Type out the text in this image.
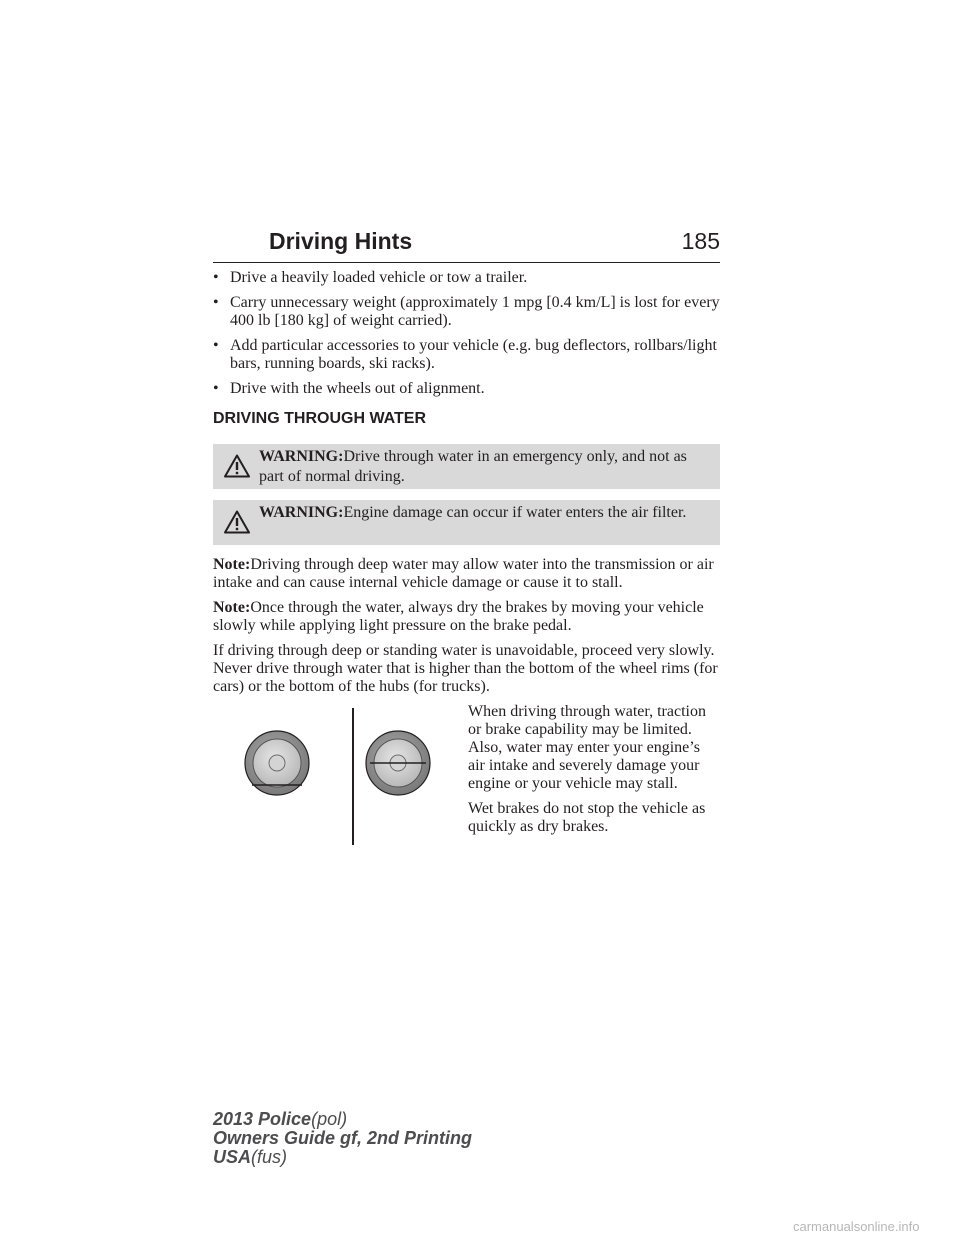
Driving Hints	185
• Drive a heavily loaded vehicle or tow a trailer.
• Carry unnecessary weight (approximately 1 mpg [0.4 km/L] is lost for every 400 lb [180 kg] of weight carried).
• Add particular accessories to your vehicle (e.g. bug deflectors, rollbars/light bars, running boards, ski racks).
• Drive with the wheels out of alignment.
DRIVING THROUGH WATER
WARNING:Drive through water in an emergency only, and not as part of normal driving.
WARNING:Engine damage can occur if water enters the air filter.

Note:Driving through deep water may allow water into the transmission or air intake and can cause internal vehicle damage or cause it to stall.

Note:Once through the water, always dry the brakes by moving your vehicle slowly while applying light pressure on the brake pedal.

If driving through deep or standing water is unavoidable, proceed very slowly. Never drive through water that is higher than the bottom of the wheel rims (for cars) or the bottom of the hubs (for trucks).

When driving through water, traction or brake capability may be limited. Also, water may enter your engine’s air intake and severely damage your engine or your vehicle may stall.

Wet brakes do not stop the vehicle as quickly as dry brakes.

2013 Police(pol)
Owners Guide gf, 2nd Printing
USA(fus)
carmanualsonline.info
